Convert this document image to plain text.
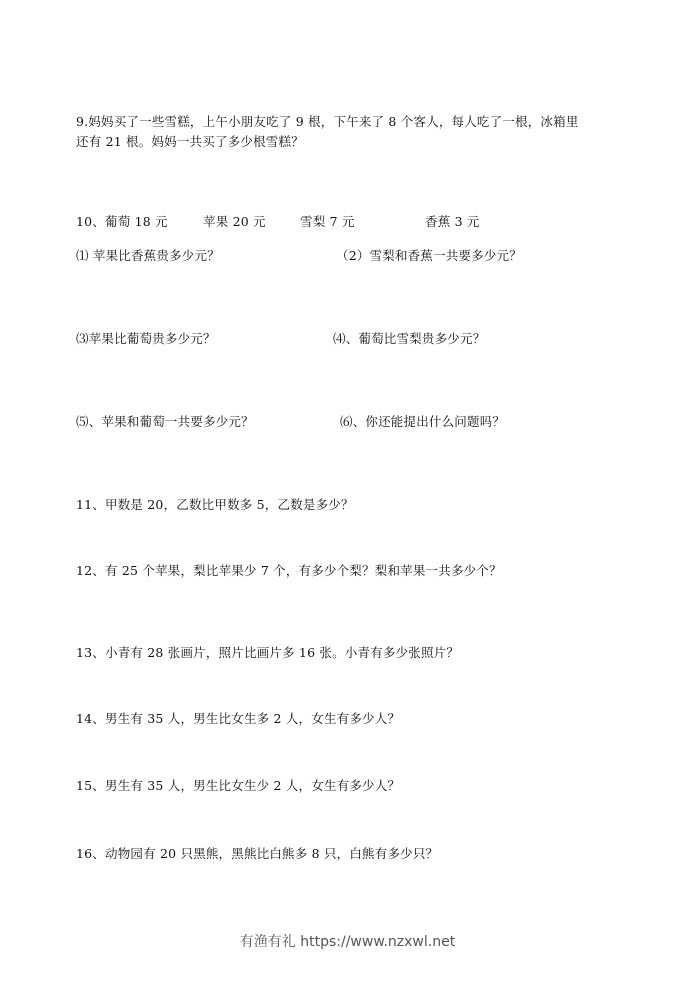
9.妈妈买了一些雪糕，上午小朋友吃了 9 根，下午来了 8 个客人，每人吃了一根，冰箱里
还有 21 根。妈妈一共买了多少根雪糕？
10、葡萄 18 元	苹果 20 元	雪梨 7 元	香蕉 3 元
⑴ 苹果比香蕉贵多少元？	（2）雪梨和香蕉一共要多少元？
⑶苹果比葡萄贵多少元？	⑷、葡萄比雪梨贵多少元？
⑸、苹果和葡萄一共要多少元？	⑹、你还能提出什么问题吗？
11、甲数是 20，乙数比甲数多 5，乙数是多少？
12、有 25 个苹果，梨比苹果少 7 个，有多少个梨？梨和苹果一共多少个？
13、小青有 28 张画片，照片比画片多 16 张。小青有多少张照片？
14、男生有 35 人，男生比女生多 2 人，女生有多少人？
15、男生有 35 人，男生比女生少 2 人，女生有多少人？
16、动物园有 20 只黑熊，黑熊比白熊多 8 只，白熊有多少只？
有渔有礼 https://www.nzxwl.net
